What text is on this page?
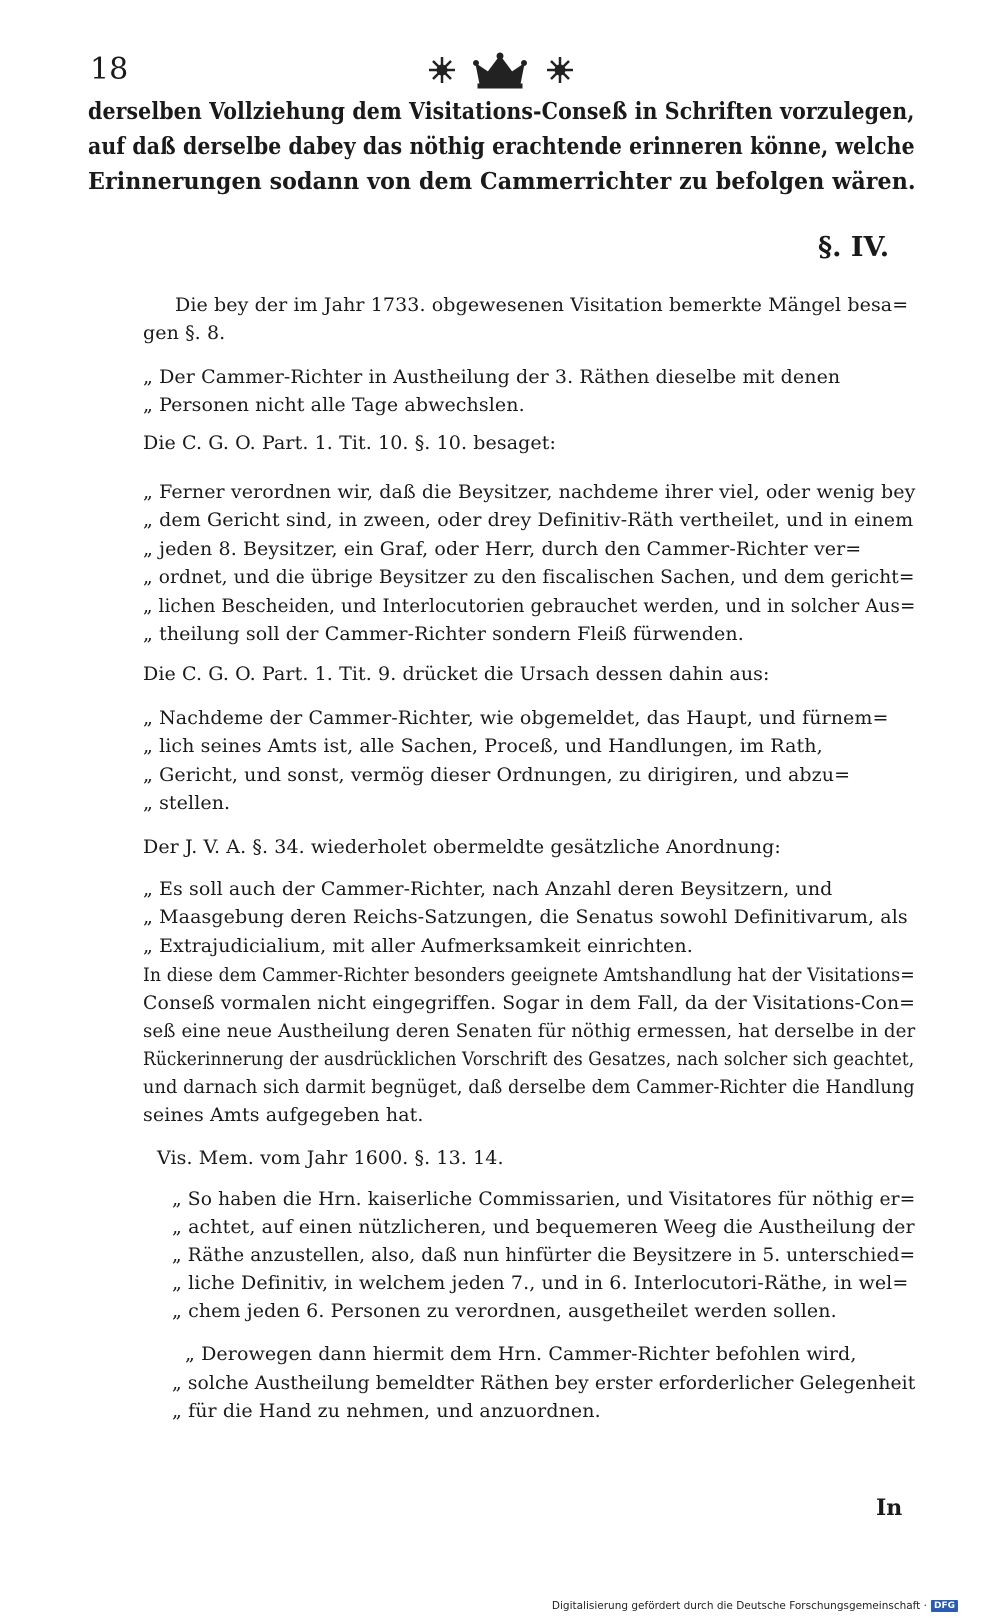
18
derselben Vollziehung dem Visitations-Conseß in Schriften vorzulegen,
auf daß derselbe dabey das nöthig erachtende erinneren könne, welche
Erinnerungen sodann von dem Cammerrichter zu befolgen wären.
§. IV.
Die bey der im Jahr 1733. obgewesenen Visitation bemerkte Mängel besa=
gen §. 8.
„ Der Cammer-Richter in Austheilung der 3. Räthen dieselbe mit denen
„ Personen nicht alle Tage abwechslen.
Die C. G. O. Part. 1. Tit. 10. §. 10. besaget:
„ Ferner verordnen wir, daß die Beysitzer, nachdeme ihrer viel, oder wenig bey
„ dem Gericht sind, in zween, oder drey Definitiv-Räth vertheilet, und in einem
„ jeden 8. Beysitzer, ein Graf, oder Herr, durch den Cammer-Richter ver=
„ ordnet, und die übrige Beysitzer zu den fiscalischen Sachen, und dem gericht=
„ lichen Bescheiden, und Interlocutorien gebrauchet werden, und in solcher Aus=
„ theilung soll der Cammer-Richter sondern Fleiß fürwenden.
Die C. G. O. Part. 1. Tit. 9. drücket die Ursach dessen dahin aus:
„ Nachdeme der Cammer-Richter, wie obgemeldet, das Haupt, und fürnem=
„ lich seines Amts ist, alle Sachen, Proceß, und Handlungen, im Rath,
„ Gericht, und sonst, vermög dieser Ordnungen, zu dirigiren, und abzu=
„ stellen.
Der J. V. A. §. 34. wiederholet obermeldte gesätzliche Anordnung:
„ Es soll auch der Cammer-Richter, nach Anzahl deren Beysitzern, und
„ Maasgebung deren Reichs-Satzungen, die Senatus sowohl Definitivarum, als
„ Extrajudicialium, mit aller Aufmerksamkeit einrichten.
In diese dem Cammer-Richter besonders geeignete Amtshandlung hat der Visitations=
Conseß vormalen nicht eingegriffen. Sogar in dem Fall, da der Visitations-Con=
seß eine neue Austheilung deren Senaten für nöthig ermessen, hat derselbe in der
Rückerinnerung der ausdrücklichen Vorschrift des Gesatzes, nach solcher sich geachtet,
und darnach sich darmit begnüget, daß derselbe dem Cammer-Richter die Handlung
seines Amts aufgegeben hat.
Vis. Mem. vom Jahr 1600. §. 13. 14.
„ So haben die Hrn. kaiserliche Commissarien, und Visitatores für nöthig er=
„ achtet, auf einen nützlicheren, und bequemeren Weeg die Austheilung der
„ Räthe anzustellen, also, daß nun hinfürter die Beysitzere in 5. unterschied=
„ liche Definitiv, in welchem jeden 7., und in 6. Interlocutori-Räthe, in wel=
„ chem jeden 6. Personen zu verordnen, ausgetheilet werden sollen.
„ Derowegen dann hiermit dem Hrn. Cammer-Richter befohlen wird,
„ solche Austheilung bemeldter Räthen bey erster erforderlicher Gelegenheit
„ für die Hand zu nehmen, und anzuordnen.
In
Digitalisierung gefördert durch die Deutsche Forschungsgemeinschaft · DFG
